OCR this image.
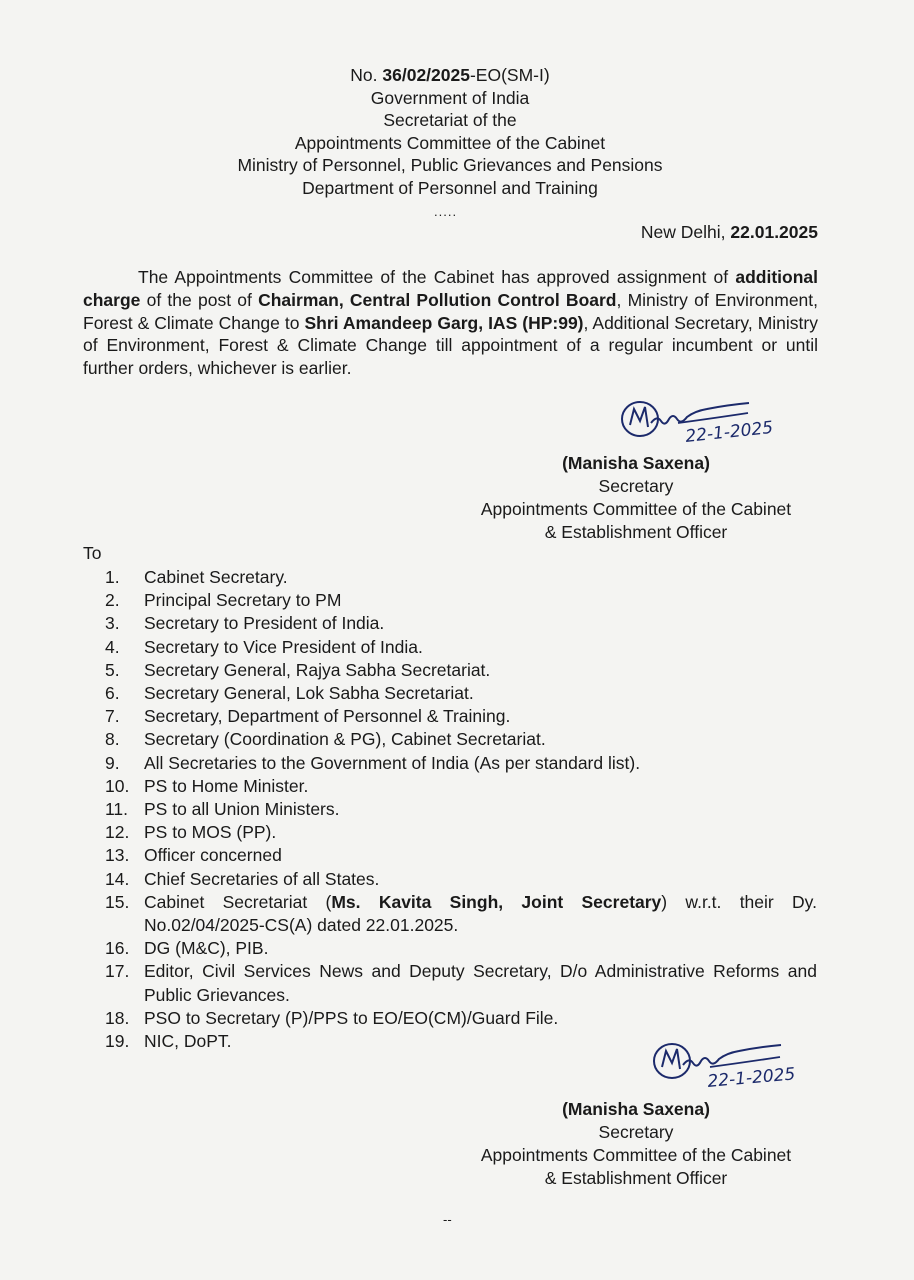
No. 36/02/2025-EO(SM-I)
Government of India
Secretariat of the
Appointments Committee of the Cabinet
Ministry of Personnel, Public Grievances and Pensions
Department of Personnel and Training
.....
New Delhi, 22.01.2025
The Appointments Committee of the Cabinet has approved assignment of additional charge of the post of Chairman, Central Pollution Control Board, Ministry of Environment, Forest & Climate Change to Shri Amandeep Garg, IAS (HP:99), Additional Secretary, Ministry of Environment, Forest & Climate Change till appointment of a regular incumbent or until further orders, whichever is earlier.
22-1-2025
(Manisha Saxena)
Secretary
Appointments Committee of the Cabinet
& Establishment Officer
To
1.	Cabinet Secretary.
2.	Principal Secretary to PM
3.	Secretary to President of India.
4.	Secretary to Vice President of India.
5.	Secretary General, Rajya Sabha Secretariat.
6.	Secretary General, Lok Sabha Secretariat.
7.	Secretary, Department of Personnel & Training.
8.	Secretary (Coordination & PG), Cabinet Secretariat.
9.	All Secretaries to the Government of India (As per standard list).
10. PS to Home Minister.
11. PS to all Union Ministers.
12. PS to MOS (PP).
13. Officer concerned
14. Chief Secretaries of all States.
15. Cabinet Secretariat (Ms. Kavita Singh, Joint Secretary) w.r.t. their Dy. No.02/04/2025-CS(A) dated 22.01.2025.
16. DG (M&C), PIB.
17. Editor, Civil Services News and Deputy Secretary, D/o Administrative Reforms and Public Grievances.
18. PSO to Secretary (P)/PPS to EO/EO(CM)/Guard File.
19. NIC, DoPT.
22-1-2025
(Manisha Saxena)
Secretary
Appointments Committee of the Cabinet
& Establishment Officer
--
